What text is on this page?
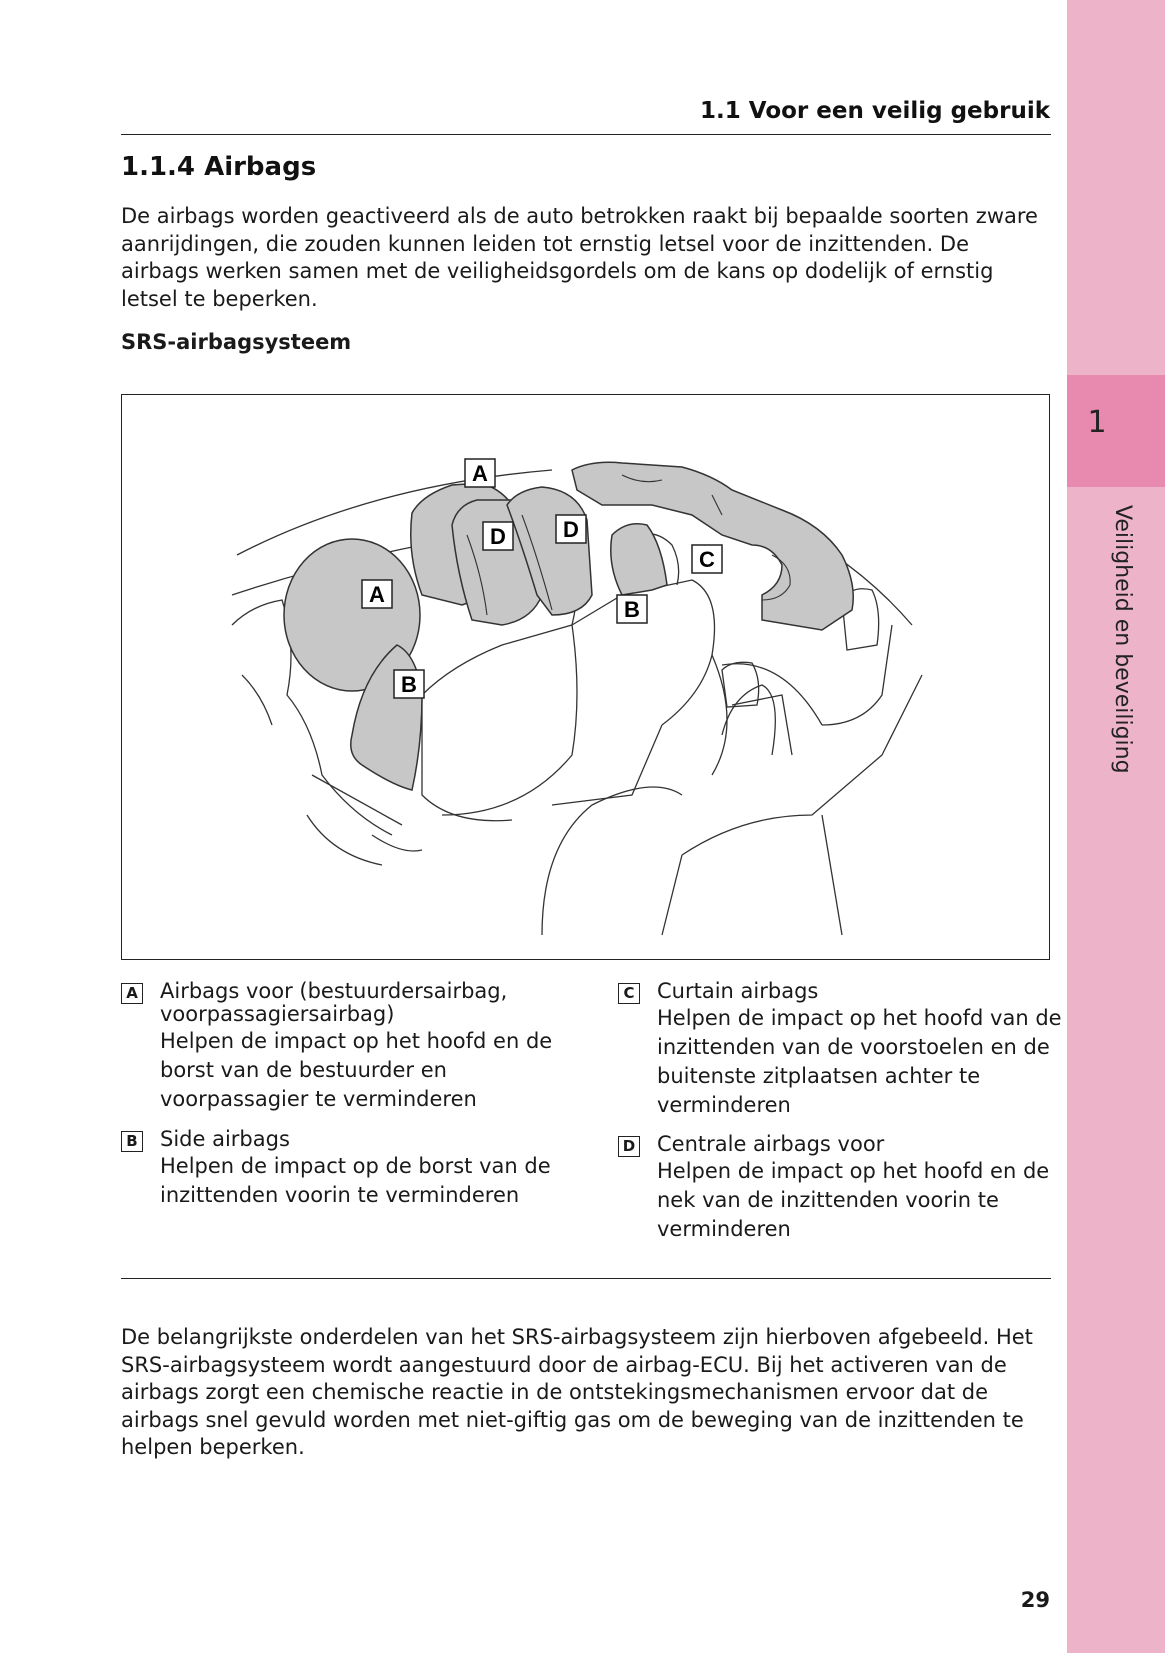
1
Veiligheid en beveiliging
1.1 Voor een veilig gebruik
1.1.4 Airbags

De airbags worden geactiveerd als de auto betrokken raakt bij bepaalde soorten zware aanrijdingen, die zouden kunnen leiden tot ernstig letsel voor de inzittenden. De airbags werken samen met de veiligheidsgordels om de kans op dodelijk of ernstig letsel te beperken.

SRS-airbagsysteem
A
A
B
D	D
B
C
A Airbags voor (bestuurdersairbag, voorpassagiersairbag)
Helpen de impact op het hoofd en de borst van de bestuurder en voorpassagier te verminderen
B Side airbags
Helpen de impact op de borst van de inzittenden voorin te verminderen
C Curtain airbags
Helpen de impact op het hoofd van de inzittenden van de voorstoelen en de buitenste zitplaatsen achter te verminderen
D Centrale airbags voor
Helpen de impact op het hoofd en de nek van de inzittenden voorin te verminderen

De belangrijkste onderdelen van het SRS-airbagsysteem zijn hierboven afgebeeld. Het SRS-airbagsysteem wordt aangestuurd door de airbag-ECU. Bij het activeren van de airbags zorgt een chemische reactie in de ontstekingsmechanismen ervoor dat de airbags snel gevuld worden met niet-giftig gas om de beweging van de inzittenden te helpen beperken.

29
